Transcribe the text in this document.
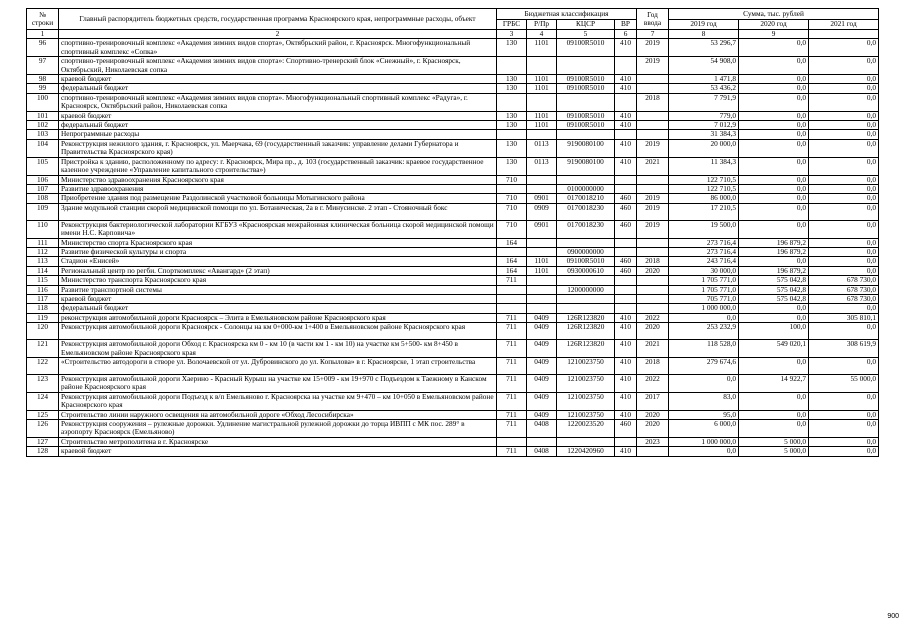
№ строки	Главный распорядитель бюджетных средств, государственная программа Красноярского края, непрограммные расходы, объект	Бюджетная классификация				Год ввода	Сумма, тыс. рублей		
		ГРБС	Р/Пр	КЦСР	ВР		2019 год	2020 год	2021 год
1	2	3	4	5	6	7	8	9	
96	спортивно-тренировочный комплекс «Академия зимних видов спорта», Октябрьский район, г. Красноярск. Многофункциональный спортивный комплекс «Сопка»	130	1101	09100R5010	410	2019	53 296,7	0,0	0,0
97	спортивно-тренировочный комплекс «Академия зимних видов спорта»: Спортивно-тренерский блок «Снежный», г. Красноярск, Октябрьский, Николаевская сопка					2019	54 908,0	0,0	0,0
98	краевой бюджет	130	1101	09100R5010	410		1 471,8	0,0	0,0
99	федеральный бюджет	130	1101	09100R5010	410		53 436,2	0,0	0,0
100	спортивно-тренировочный комплекс «Академия зимних видов спорта». Многофункциональный спортивный комплекс «Радуга», г. Красноярск, Октябрьский район, Николаевская сопка					2018	7 791,9	0,0	0,0
101	краевой бюджет	130	1101	09100R5010	410		779,0	0,0	0,0
102	федеральный бюджет	130	1101	09100R5010	410		7 012,9	0,0	0,0
103	Непрограммные расходы						31 384,3	0,0	0,0
104	Реконструкция нежилого здания, г. Красноярск, ул. Маерчака, 69 (государственный заказчик: управление делами Губернатора и Правительства Красноярского края)	130	0113	9190080100	410	2019	20 000,0	0,0	0,0
105	Пристройка к зданию, расположенному по адресу: г. Красноярск, Мира пр., д. 103 (государственный заказчик: краевое государственное казенное учреждение «Управление капитального строительства»)	130	0113	9190080100	410	2021	11 384,3	0,0	0,0
106	Министерство здравоохранения Красноярского края	710					122 710,5	0,0	0,0
107	Развитие здравоохранения			0100000000			122 710,5	0,0	0,0
108	Приобретение здания под размещение Раздолинской участковой больницы Мотыгинского района	710	0901	0170018210	460	2019	86 000,0	0,0	0,0
109	Здание модульной станции скорой медицинской помощи по ул. Ботаническая, 2а в г. Минусинске. 2 этап - Стояночный бокс	710	0909	0170018230	460	2019	17 210,5	0,0	0,0
110	Реконструкция бактериологической лаборатории КГБУЗ «Красноярская межрайонная клиническая больница скорой медицинской помощи имени Н.С. Карповича»	710	0901	0170018230	460	2019	19 500,0	0,0	0,0
111	Министерство спорта Красноярского края	164					273 716,4	196 879,2	0,0
112	Развитие физической культуры и спорта			0900000000			273 716,4	196 879,2	0,0
113	Стадион «Енисей»	164	1101	09100R5010	460	2018	243 716,4	0,0	0,0
114	Региональный центр по регби. Спорткомплекс «Авангард» (2 этап)	164	1101	0930000610	460	2020	30 000,0	196 879,2	0,0
115	Министерство транспорта Красноярского края	711					1 705 771,0	575 042,8	678 730,0
116	Развитие транспортной системы			1200000000			1 705 771,0	575 042,8	678 730,0
117	краевой бюджет						705 771,0	575 042,8	678 730,0
118	федеральный бюджет						1 000 000,0	0,0	0,0
119	реконструкция автомобильной дороги Красноярск – Элита в Емельяновском районе Красноярского края	711	0409	126R123820	410	2022	0,0	0,0	305 810,1
120	Реконструкция автомобильной дороги Красноярск - Солонцы на км 0+000-км 1+400 в Емельяновском районе Красноярского края	711	0409	126R123820	410	2020	253 232,9	100,0	0,0
121	Реконструкция автомобильной дороги Обход г. Красноярска км 0 - км 10 (в части км 1 - км 10) на участке км 5+500- км 8+450 в Емельяновском районе Красноярского края	711	0409	126R123820	410	2021	118 528,0	549 020,1	308 619,9
122	«Строительство автодороги в створе ул. Волочаевской от ул. Дубровинского до ул. Копылова» в г. Красноярске, 1 этап строительства	711	0409	1210023750	410	2018	279 674,6	0,0	0,0
123	Реконструкция автомобильной дороги Хаерино - Красный Курыш на участке км 15+009 - км 19+970 с Подъездом к Таежному в Канском районе Красноярского края	711	0409	1210023750	410	2022	0,0	14 922,7	55 000,0
124	Реконструкция автомобильной дороги Подъезд к в/п Емельяново г. Красноярска на участке км 9+470 – км 10+050 в Емельяновском районе Красноярского края	711	0409	1210023750	410	2017	83,0	0,0	0,0
125	Строительство линии наружного освещения на автомобильной дороге «Обход Лесосибирска»	711	0409	1210023750	410	2020	95,0	0,0	0,0
126	Реконструкция сооружения – рулежные дорожки. Удлинение магистральной рулежной дорожки до торца ИВПП с МК пос. 289° в аэропорту Красноярск (Емельяново)	711	0408	1220023520	460	2020	6 000,0	0,0	0,0
127	Строительство метрополитена в г. Красноярске					2023	1 000 000,0	5 000,0	0,0
128	краевой бюджет	711	0408	1220420960	410		0,0	5 000,0	0,0
900
